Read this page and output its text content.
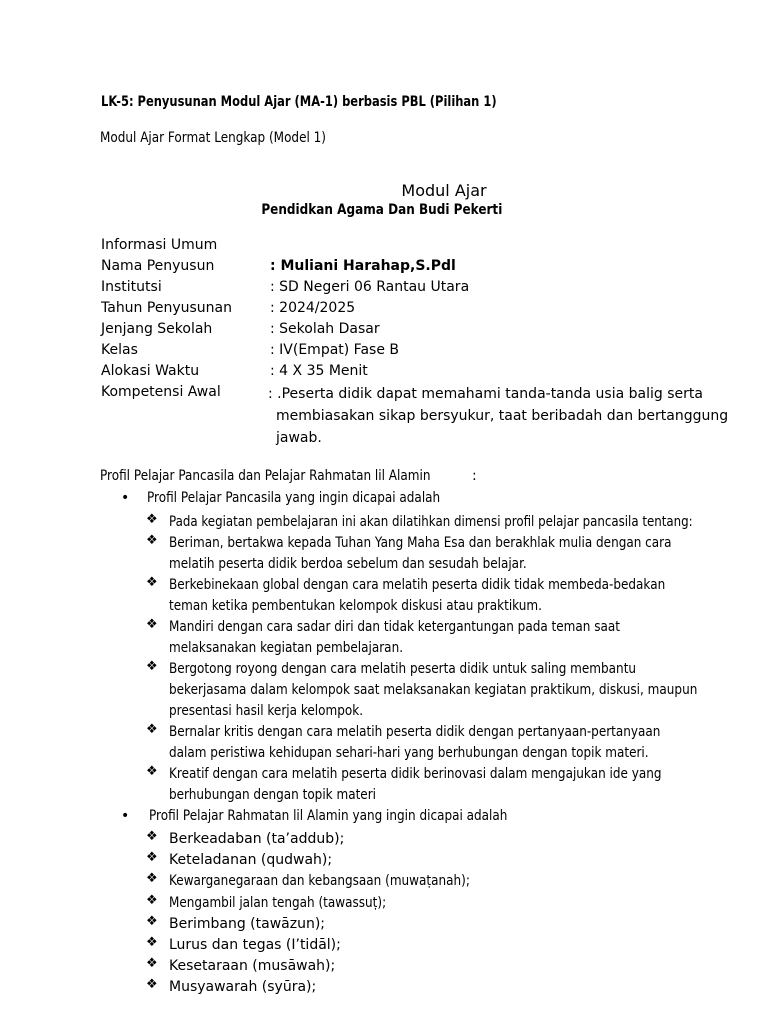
LK-5: Penyusunan Modul Ajar (MA-1) berbasis PBL (Pilihan 1)
Modul Ajar Format Lengkap (Model 1)
Modul Ajar
Pendidkan Agama Dan Budi Pekerti
Informasi Umum
Nama Penyusun	: Muliani Harahap,S.Pdl
Institutsi	: SD Negeri 06 Rantau Utara
Tahun Penyusunan	: 2024/2025
Jenjang Sekolah	: Sekolah Dasar
Kelas	: IV(Empat) Fase B
Alokasi Waktu	: 4 X 35 Menit
Kompetensi Awal	: .Peserta didik dapat memahami tanda-tanda usia balig serta
membiasakan sikap bersyukur, taat beribadah dan bertanggung
jawab.
Profil Pelajar Pancasila dan Pelajar Rahmatan lil Alamin	:
• Profil Pelajar Pancasila yang ingin dicapai adalah
❖ Pada kegiatan pembelajaran ini akan dilatihkan dimensi profil pelajar pancasila tentang:
❖ Beriman, bertakwa kepada Tuhan Yang Maha Esa dan berakhlak mulia dengan cara
melatih peserta didik berdoa sebelum dan sesudah belajar.
❖ Berkebinekaan global dengan cara melatih peserta didik tidak membeda-bedakan
teman ketika pembentukan kelompok diskusi atau praktikum.
❖ Mandiri dengan cara sadar diri dan tidak ketergantungan pada teman saat
melaksanakan kegiatan pembelajaran.
❖ Bergotong royong dengan cara melatih peserta didik untuk saling membantu
bekerjasama dalam kelompok saat melaksanakan kegiatan praktikum, diskusi, maupun
presentasi hasil kerja kelompok.
❖ Bernalar kritis dengan cara melatih peserta didik dengan pertanyaan-pertanyaan
dalam peristiwa kehidupan sehari-hari yang berhubungan dengan topik materi.
❖ Kreatif dengan cara melatih peserta didik berinovasi dalam mengajukan ide yang
berhubungan dengan topik materi
• Profil Pelajar Rahmatan lil Alamin yang ingin dicapai adalah
❖ Berkeadaban (ta’addub);
❖ Keteladanan (qudwah);
❖ Kewarganegaraan dan kebangsaan (muwaṭanah);
❖ Mengambil jalan tengah (tawassuṭ);
❖ Berimbang (tawāzun);
❖ Lurus dan tegas (I’tidāl);
❖ Kesetaraan (musāwah);
❖ Musyawarah (syūra);
